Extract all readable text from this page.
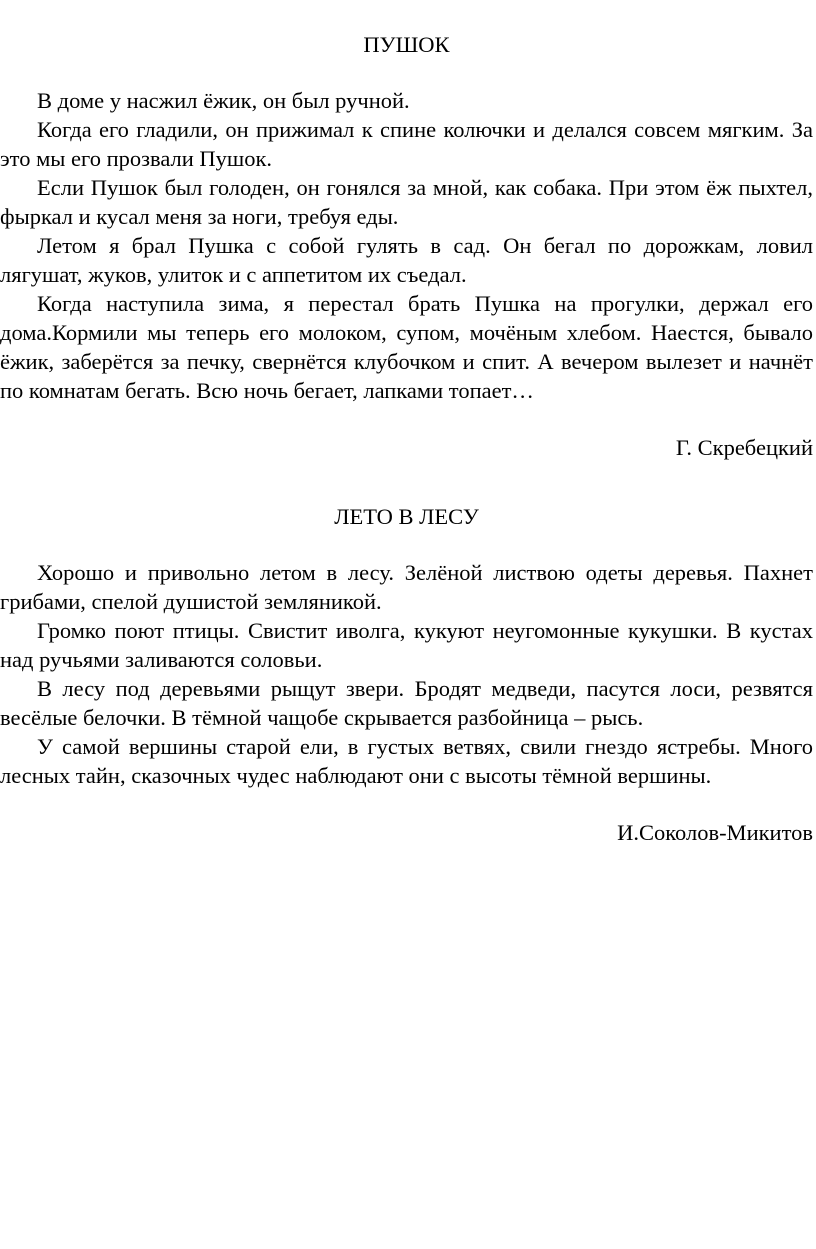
ПУШОК

В доме у насжил ёжик, он был ручной.

Когда его гладили, он прижимал к спине колючки и делался совсем мягким. За это мы его прозвали Пушок.

Если Пушок был голоден, он гонялся за мной, как собака. При этом ёж пыхтел, фыркал и кусал меня за ноги, требуя еды.

Летом я брал Пушка с собой гулять в сад. Он бегал по дорожкам, ловил лягушат, жуков, улиток и с аппетитом их съедал.

Когда наступила зима, я перестал брать Пушка на прогулки, держал его дома.Кормили мы теперь его молоком, супом, мочёным хлебом. Наестся, бывало ёжик, заберётся за печку, свернётся клубочком и спит. А вечером вылезет и начнёт по комнатам бегать. Всю ночь бегает, лапками топает…

Г. Скребецкий

ЛЕТО В ЛЕСУ

Хорошо и привольно летом в лесу. Зелёной листвою одеты деревья. Пахнет грибами, спелой душистой земляникой.

Громко поют птицы. Свистит иволга, кукуют неугомонные кукушки. В кустах над ручьями заливаются соловьи.

В лесу под деревьями рыщут звери. Бродят медведи, пасутся лоси, резвятся весёлые белочки. В тёмной чащобе скрывается разбойница – рысь.

У самой вершины старой ели, в густых ветвях, свили гнездо ястребы. Много лесных тайн, сказочных чудес наблюдают они с высоты тёмной вершины.

И.Соколов-Микитов
